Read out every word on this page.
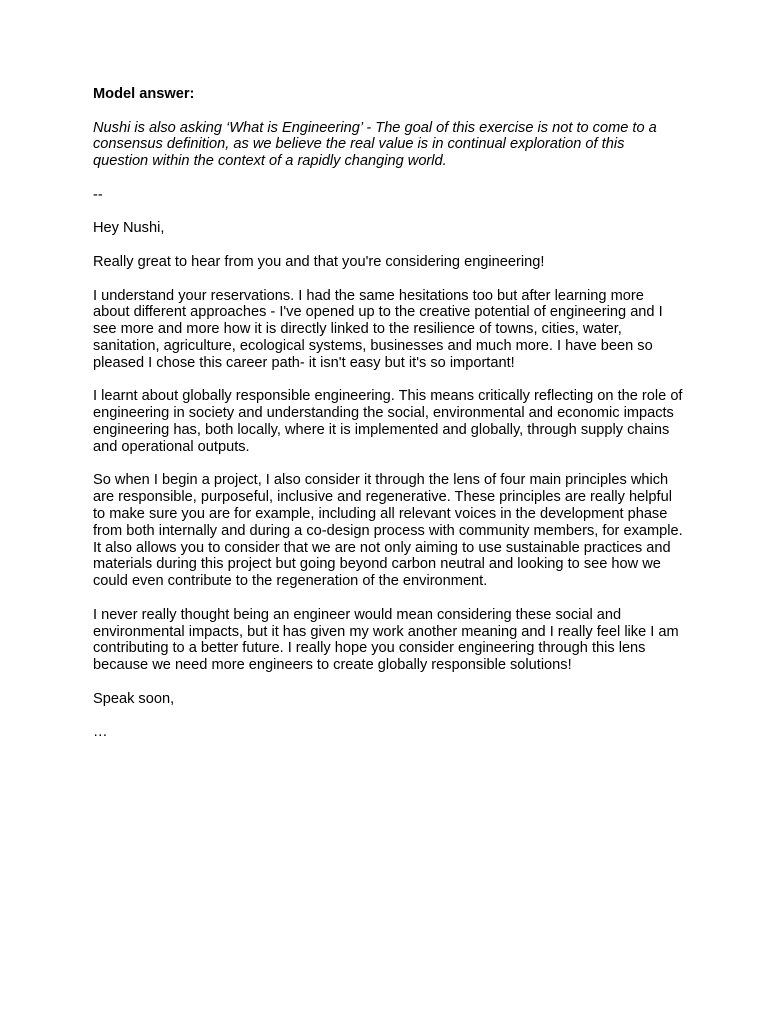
Model answer:

Nushi is also asking ‘What is Engineering’ - The goal of this exercise is not to come to a consensus definition, as we believe the real value is in continual exploration of this question within the context of a rapidly changing world.

--

Hey Nushi,

Really great to hear from you and that you're considering engineering!

I understand your reservations. I had the same hesitations too but after learning more about different approaches - I've opened up to the creative potential of engineering and I see more and more how it is directly linked to the resilience of towns, cities, water, sanitation, agriculture, ecological systems, businesses and much more. I have been so pleased I chose this career path- it isn't easy but it's so important!

I learnt about globally responsible engineering. This means critically reflecting on the role of engineering in society and understanding the social, environmental and economic impacts engineering has, both locally, where it is implemented and globally, through supply chains and operational outputs.

So when I begin a project, I also consider it through the lens of four main principles which are responsible, purposeful, inclusive and regenerative. These principles are really helpful to make sure you are for example, including all relevant voices in the development phase from both internally and during a co-design process with community members, for example. It also allows you to consider that we are not only aiming to use sustainable practices and materials during this project but going beyond carbon neutral and looking to see how we could even contribute to the regeneration of the environment.

I never really thought being an engineer would mean considering these social and environmental impacts, but it has given my work another meaning and I really feel like I am contributing to a better future. I really hope you consider engineering through this lens because we need more engineers to create globally responsible solutions!

Speak soon,

…
